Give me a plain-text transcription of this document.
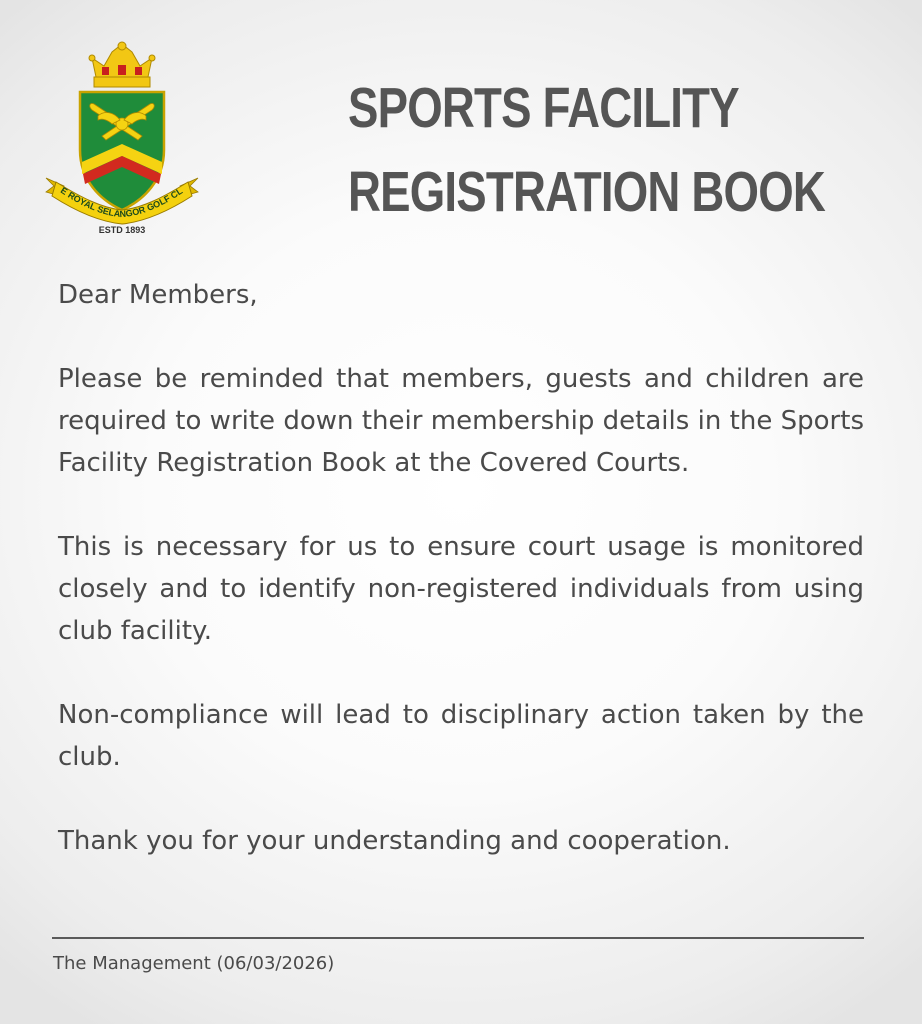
E ROYAL SELANGOR GOLF CL
ESTD 1893
SPORTS FACILITY
REGISTRATION BOOK

Dear Members,

Please be reminded that members, guests and children are required to write down their membership details in the Sports Facility Registration Book at the Covered Courts.

This is necessary for us to ensure court usage is monitored closely and to identify non-registered individuals from using club facility.

Non-compliance will lead to disciplinary action taken by the club.

Thank you for your understanding and cooperation.

The Management (06/03/2026)
